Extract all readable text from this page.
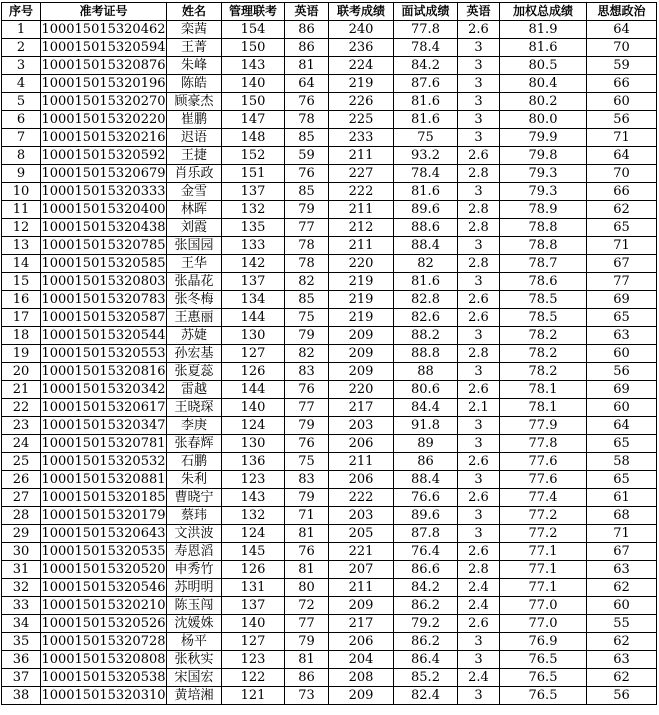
序号	准考证号	姓名	管理联考	英语	联考成绩	面试成绩	英语	加权总成绩	思想政治
1	100015015320462	栾茜	154	86	240	77.8	2.6	81.9	64
2	100015015320594	王菁	150	86	236	78.4	3	81.6	70
3	100015015320876	朱峰	143	81	224	84.2	3	80.5	59
4	100015015320196	陈皓	140	64	219	87.6	3	80.4	66
5	100015015320270	顾豪杰	150	76	226	81.6	3	80.2	60
6	100015015320220	崔鹏	147	78	225	81.6	3	80.0	56
7	100015015320216	迟语	148	85	233	75	3	79.9	71
8	100015015320592	王捷	152	59	211	93.2	2.6	79.8	64
9	100015015320679	肖乐政	151	76	227	78.4	2.8	79.3	70
10	100015015320333	金雪	137	85	222	81.6	3	79.3	66
11	100015015320400	林晖	132	79	211	89.6	2.8	78.9	62
12	100015015320438	刘霞	135	77	212	88.6	2.8	78.8	65
13	100015015320785	张国园	133	78	211	88.4	3	78.8	71
14	100015015320585	王华	142	78	220	82	2.8	78.7	67
15	100015015320803	张晶花	137	82	219	81.6	3	78.6	77
16	100015015320783	张冬梅	134	85	219	82.8	2.6	78.5	69
17	100015015320587	王惠丽	144	75	219	82.6	2.6	78.5	65
18	100015015320544	苏婕	130	79	209	88.2	3	78.2	63
19	100015015320553	孙宏基	127	82	209	88.8	2.8	78.2	60
20	100015015320816	张夏蕊	126	83	209	88	3	78.2	56
21	100015015320342	雷越	144	76	220	80.6	2.6	78.1	69
22	100015015320617	王晓琛	140	77	217	84.4	2.1	78.1	60
23	100015015320347	李庚	124	79	203	91.8	3	77.9	64
24	100015015320781	张春辉	130	76	206	89	3	77.8	65
25	100015015320532	石鹏	136	75	211	86	2.6	77.6	58
26	100015015320881	朱利	123	83	206	88.4	3	77.6	65
27	100015015320185	曹晓宁	143	79	222	76.6	2.6	77.4	61
28	100015015320179	蔡玮	132	71	203	89.6	3	77.2	68
29	100015015320643	文洪波	124	81	205	87.8	3	77.2	71
30	100015015320535	寿恩滔	145	76	221	76.4	2.6	77.1	67
31	100015015320520	申秀竹	126	81	207	86.6	2.8	77.1	63
32	100015015320546	苏明明	131	80	211	84.2	2.4	77.1	62
33	100015015320210	陈玉闯	137	72	209	86.2	2.4	77.0	60
34	100015015320526	沈媛姝	140	77	217	79.2	2.6	77.0	55
35	100015015320728	杨平	127	79	206	86.2	3	76.9	62
36	100015015320808	张秋实	123	81	204	86.4	3	76.5	63
37	100015015320538	宋国宏	122	86	208	85.2	2.4	76.5	62
38	100015015320310	黄培湘	121	73	209	82.4	3	76.5	56
